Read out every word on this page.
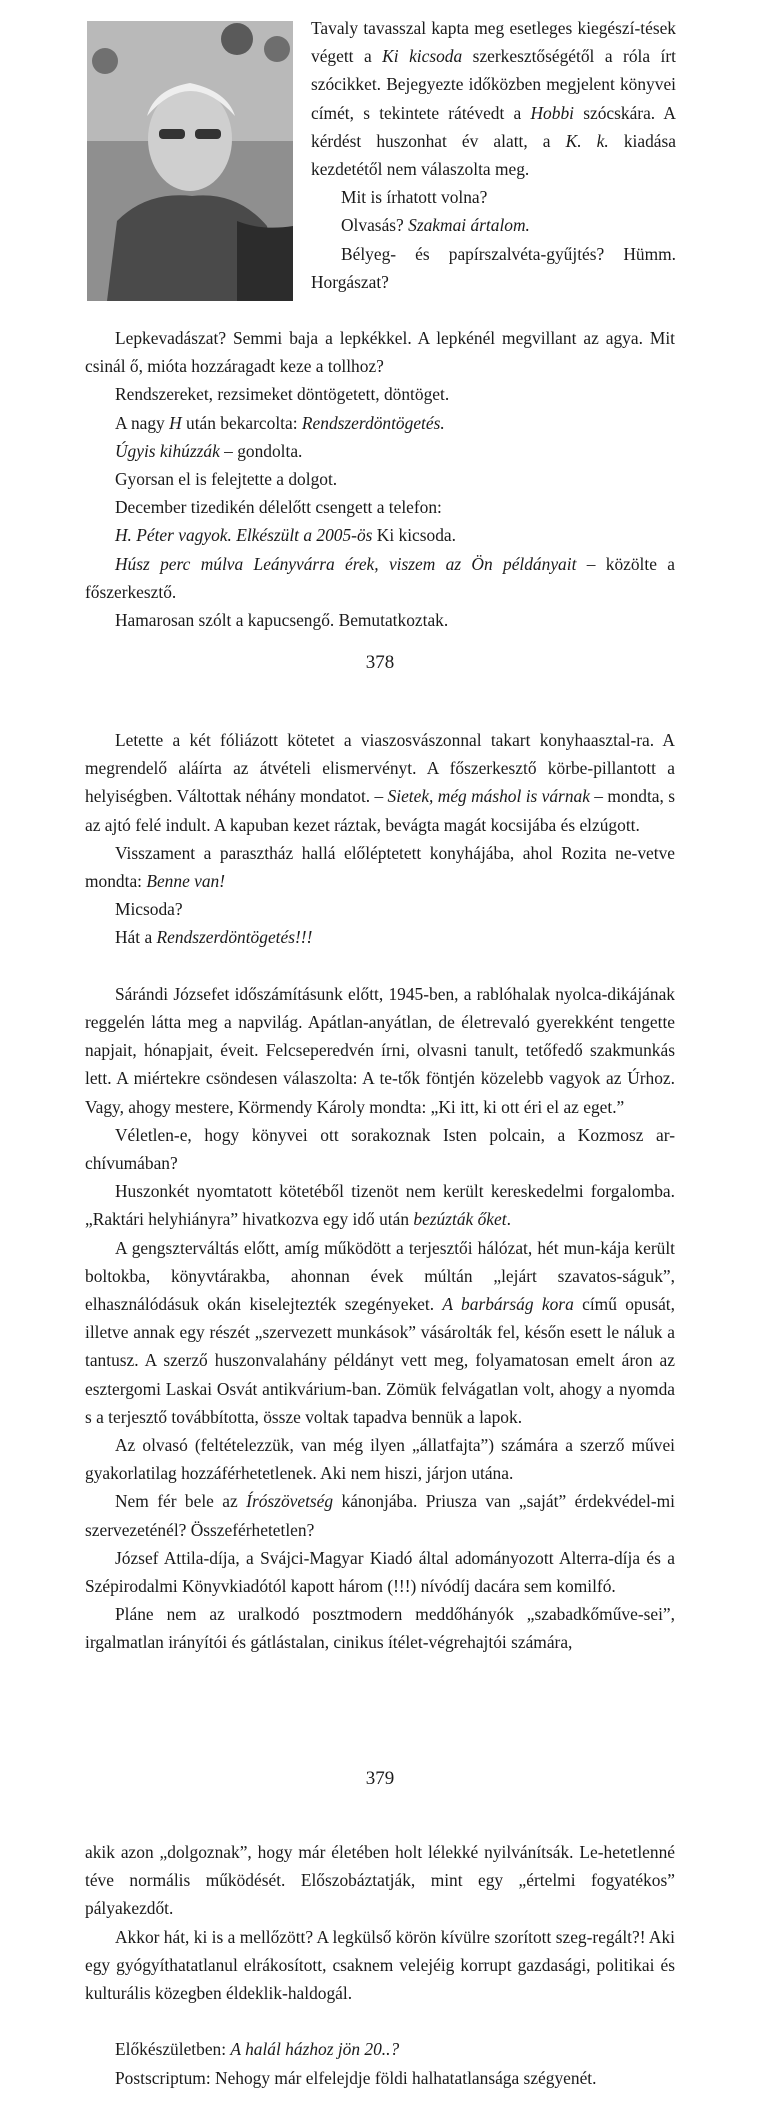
Tavaly tavasszal kapta meg esetleges kiegészí-tések végett a Ki kicsoda szerkesztőségétől a róla írt szócikket. Bejegyezte időközben megjelent könyvei címét, s tekintete rátévedt a Hobbi szócskára. A kérdést huszonhat év alatt, a K. k. kiadása kezdetétől nem válaszolta meg.

Mit is írhatott volna?

Olvasás? Szakmai ártalom.

Bélyeg- és papírszalvéta-gyűjtés? Hümm. Horgászat?

Lepkevadászat? Semmi baja a lepkékkel. A lepkénél megvillant az agya. Mit csinál ő, mióta hozzáragadt keze a tollhoz?

Rendszereket, rezsimeket döntögetett, döntöget.

A nagy H után bekarcolta: Rendszerdöntögetés.

Úgyis kihúzzák – gondolta.

Gyorsan el is felejtette a dolgot.

December tizedikén délelőtt csengett a telefon:

H. Péter vagyok. Elkészült a 2005-ös Ki kicsoda.

Húsz perc múlva Leányvárra érek, viszem az Ön példányait – közölte a főszerkesztő.

Hamarosan szólt a kapucsengő. Bemutatkoztak.

378

Letette a két fóliázott kötetet a viaszosvászonnal takart konyhaasztal-ra. A megrendelő aláírta az átvételi elismervényt. A főszerkesztő körbe-pillantott a helyiségben. Váltottak néhány mondatot. – Sietek, még máshol is várnak – mondta, s az ajtó felé indult. A kapuban kezet ráztak, bevágta magát kocsijába és elzúgott.

Visszament a parasztház hallá előléptetett konyhájába, ahol Rozita ne-vetve mondta: Benne van!

Micsoda?

Hát a Rendszerdöntögetés!!!

Sárándi Józsefet időszámításunk előtt, 1945-ben, a rablóhalak nyolca-dikájának reggelén látta meg a napvilág. Apátlan-anyátlan, de életrevaló gyerekként tengette napjait, hónapjait, éveit. Felcseperedvén írni, olvasni tanult, tetőfedő szakmunkás lett. A miértekre csöndesen válaszolta: A te-tők föntjén közelebb vagyok az Úrhoz. Vagy, ahogy mestere, Körmendy Károly mondta: „Ki itt, ki ott éri el az eget.”

Véletlen-e, hogy könyvei ott sorakoznak Isten polcain, a Kozmosz ar-chívumában?

Huszonkét nyomtatott kötetéből tizenöt nem került kereskedelmi forgalomba. „Raktári helyhiányra” hivatkozva egy idő után bezúzták őket.

A gengszterváltás előtt, amíg működött a terjesztői hálózat, hét mun-kája került boltokba, könyvtárakba, ahonnan évek múltán „lejárt szavatos-ságuk”, elhasználódásuk okán kiselejtezték szegényeket. A barbárság kora című opusát, illetve annak egy részét „szervezett munkások” vásárolták fel, későn esett le náluk a tantusz. A szerző huszonvalahány példányt vett meg, folyamatosan emelt áron az esztergomi Laskai Osvát antikvárium-ban. Zömük felvágatlan volt, ahogy a nyomda s a terjesztő továbbította, össze voltak tapadva bennük a lapok.

Az olvasó (feltételezzük, van még ilyen „állatfajta”) számára a szerző művei gyakorlatilag hozzáférhetetlenek. Aki nem hiszi, járjon utána.

Nem fér bele az Írószövetség kánonjába. Priusza van „saját” érdekvédel-mi szervezeténél? Összeférhetetlen?

József Attila-díja, a Svájci-Magyar Kiadó által adományozott Alterra-díja és a Szépirodalmi Könyvkiadótól kapott három (!!!) nívódíj dacára sem komilfó.

Pláne nem az uralkodó posztmodern meddőhányók „szabadkőműve-sei”, irgalmatlan irányítói és gátlástalan, cinikus ítélet-végrehajtói számára,

379

akik azon „dolgoznak”, hogy már életében holt lélekké nyilvánítsák. Le-hetetlenné téve normális működését. Előszobáztatják, mint egy „értelmi fogyatékos” pályakezdőt.

Akkor hát, ki is a mellőzött? A legkülső körön kívülre szorított szeg-regált?! Aki egy gyógyíthatatlanul elrákosított, csaknem velejéig korrupt gazdasági, politikai és kulturális közegben éldeklik-haldogál.

Előkészületben: A halál házhoz jön 20..?

Postscriptum: Nehogy már elfelejdje földi halhatatlansága szégyenét.
